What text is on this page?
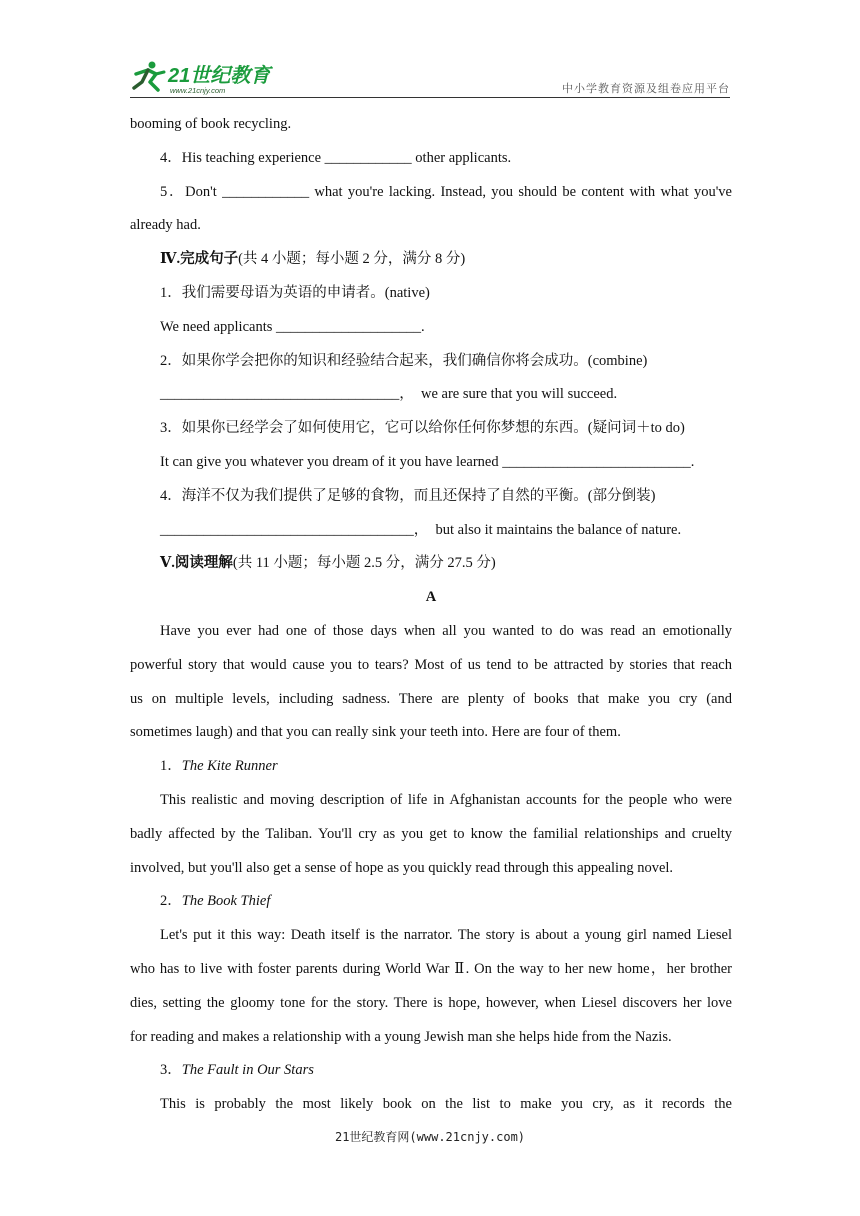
21世纪教育
www.21cnjy.com	中小学教育资源及组卷应用平台
booming of book recycling.
4．His teaching experience ____________ other applicants.
5．Don't ____________ what you're lacking. Instead, you should be content with what you've
already had.
Ⅳ.完成句子(共 4 小题；每小题 2 分，满分 8 分)
1．我们需要母语为英语的申请者。(native)
We need applicants ____________________.
2．如果你学会把你的知识和经验结合起来，我们确信你将会成功。(combine)
_________________________________，　we are sure that you will succeed.
3．如果你已经学会了如何使用它，它可以给你任何你梦想的东西。(疑问词＋to do)
It can give you whatever you dream of it you have learned __________________________.
4．海洋不仅为我们提供了足够的食物，而且还保持了自然的平衡。(部分倒装)
___________________________________，　but also it maintains the balance of nature.
Ⅴ.阅读理解(共 11 小题；每小题 2.5 分，满分 27.5 分)
A
Have you ever had one of those days when all you wanted to do was read an emotionally
powerful story that would cause you to tears? Most of us tend to be attracted by stories that reach
us on multiple levels, including sadness. There are plenty of books that make you cry (and
sometimes laugh) and that you can really sink your teeth into. Here are four of them.
1．The Kite Runner
This realistic and moving description of life in Afghanistan accounts for the people who were
badly affected by the Taliban. You'll cry as you get to know the familial relationships and cruelty
involved, but you'll also get a sense of hope as you quickly read through this appealing novel.
2．The Book Thief
Let's put it this way: Death itself is the narrator. The story is about a young girl named Liesel
who has to live with foster parents during World War Ⅱ. On the way to her new home，her brother
dies, setting the gloomy tone for the story. There is hope, however, when Liesel discovers her love
for reading and makes a relationship with a young Jewish man she helps hide from the Nazis.
3．The Fault in Our Stars
This is probably the most likely book on the list to make you cry, as it records the
21世纪教育网(www.21cnjy.com)
